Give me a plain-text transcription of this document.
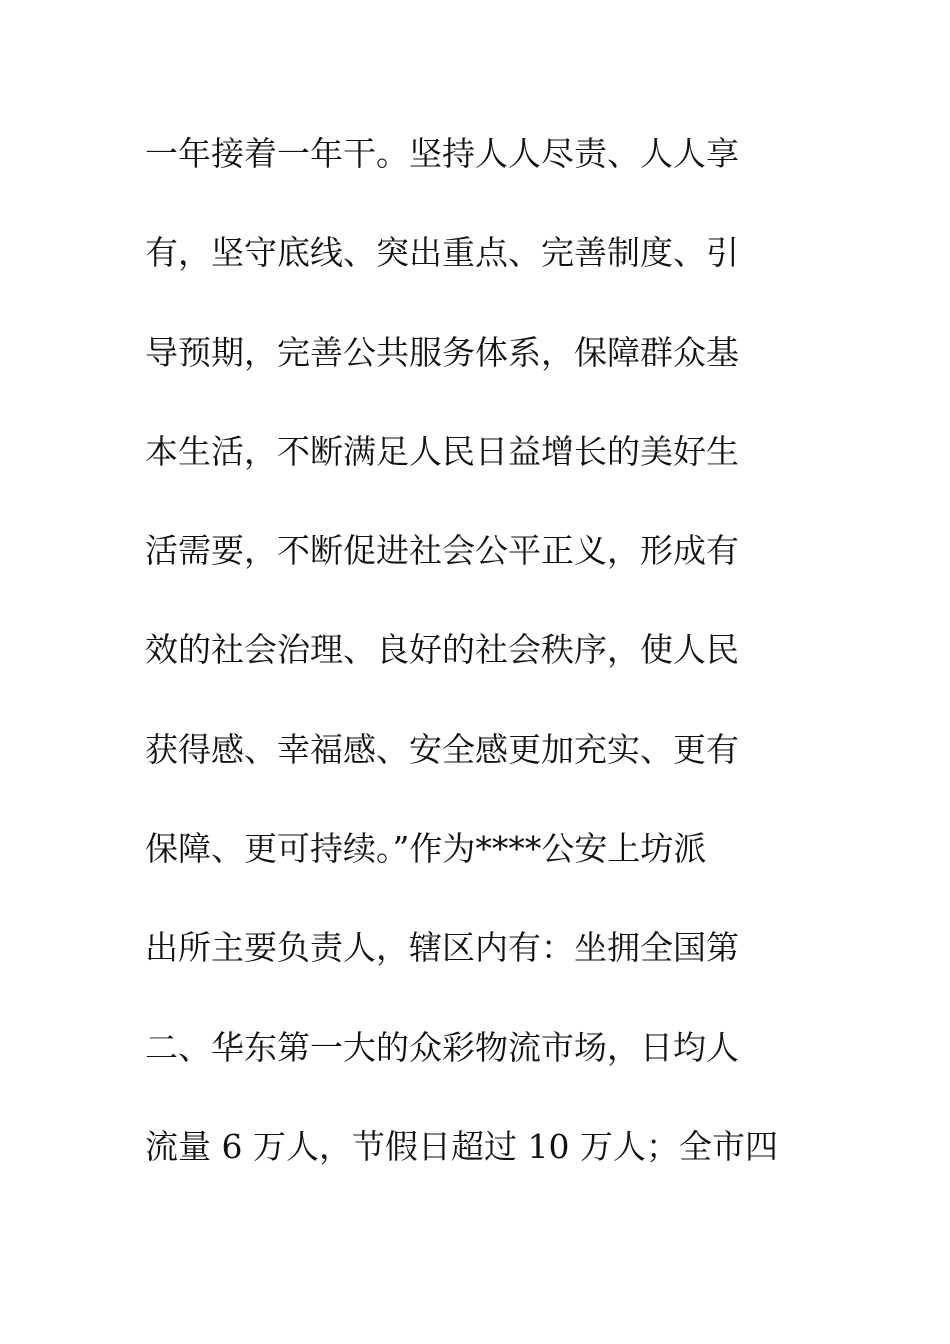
一年接着一年干。坚持人人尽责、人人享
有，坚守底线、突出重点、完善制度、引
导预期，完善公共服务体系，保障群众基
本生活，不断满足人民日益增长的美好生
活需要，不断促进社会公平正义，形成有
效的社会治理、良好的社会秩序，使人民
获得感、幸福感、安全感更加充实、更有
保障、更可持续。”作为****公安上坊派
出所主要负责人，辖区内有：坐拥全国第
二、华东第一大的众彩物流市场，日均人
流量 6 万人，节假日超过 10 万人；全市四
